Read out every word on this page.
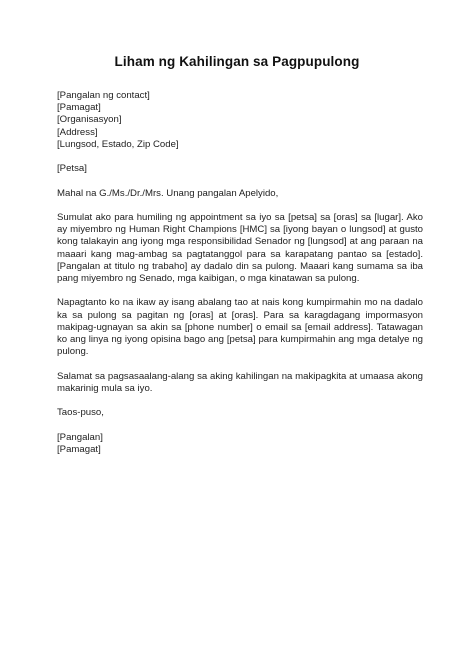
Liham ng Kahilingan sa Pagpupulong
[Pangalan ng contact]
[Pamagat]
[Organisasyon]
[Address]
[Lungsod, Estado, Zip Code]
[Petsa]
Mahal na G./Ms./Dr./Mrs. Unang pangalan Apelyido,

Sumulat ako para humiling ng appointment sa iyo sa [petsa] sa [oras] sa [lugar]. Ako ay miyembro ng Human Right Champions [HMC] sa [iyong bayan o lungsod] at gusto kong talakayin ang iyong mga responsibilidad Senador ng [lungsod] at ang paraan na maaari kang mag-ambag sa pagtatanggol para sa karapatang pantao sa [estado]. [Pangalan at titulo ng trabaho] ay dadalo din sa pulong. Maaari kang sumama sa iba pang miyembro ng Senado, mga kaibigan, o mga kinatawan sa pulong.

Napagtanto ko na ikaw ay isang abalang tao at nais kong kumpirmahin mo na dadalo ka sa pulong sa pagitan ng [oras] at [oras]. Para sa karagdagang impormasyon makipag-ugnayan sa akin sa [phone number] o email sa [email address]. Tatawagan ko ang linya ng iyong opisina bago ang [petsa] para kumpirmahin ang mga detalye ng pulong.

Salamat sa pagsasaalang-alang sa aking kahilingan na makipagkita at umaasa akong makarinig mula sa iyo.

Taos-puso,
[Pangalan]
[Pamagat]
